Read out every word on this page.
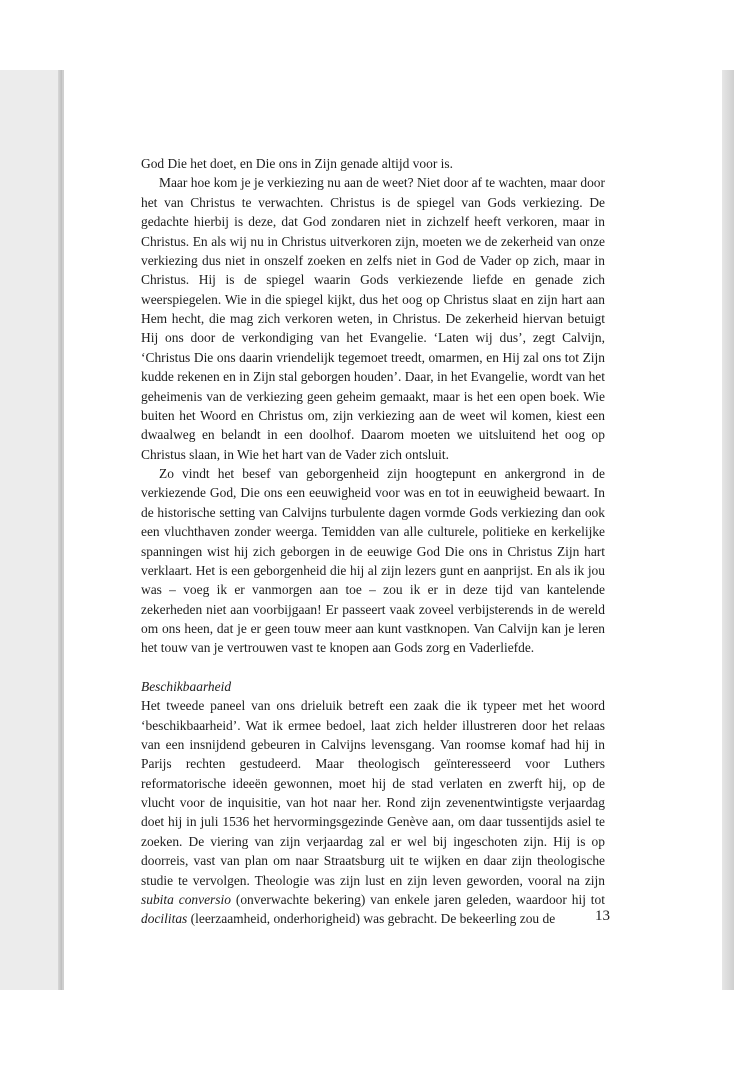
God Die het doet, en Die ons in Zijn genade altijd voor is.

Maar hoe kom je je verkiezing nu aan de weet? Niet door af te wachten, maar door het van Christus te verwachten. Christus is de spiegel van Gods verkiezing. De gedachte hierbij is deze, dat God zondaren niet in zichzelf heeft verkoren, maar in Christus. En als wij nu in Christus uitverkoren zijn, moeten we de zekerheid van onze verkiezing dus niet in onszelf zoeken en zelfs niet in God de Vader op zich, maar in Christus. Hij is de spiegel waarin Gods verkiezende liefde en genade zich weerspiegelen. Wie in die spiegel kijkt, dus het oog op Christus slaat en zijn hart aan Hem hecht, die mag zich verkoren weten, in Christus. De zekerheid hiervan betuigt Hij ons door de verkondiging van het Evangelie. ‘Laten wij dus’, zegt Calvijn, ‘Christus Die ons daarin vriendelijk tegemoet treedt, omarmen, en Hij zal ons tot Zijn kudde rekenen en in Zijn stal geborgen houden’. Daar, in het Evangelie, wordt van het geheimenis van de verkiezing geen geheim gemaakt, maar is het een open boek. Wie buiten het Woord en Christus om, zijn verkiezing aan de weet wil komen, kiest een dwaalweg en belandt in een doolhof. Daarom moeten we uitsluitend het oog op Christus slaan, in Wie het hart van de Vader zich ontsluit.

Zo vindt het besef van geborgenheid zijn hoogtepunt en ankergrond in de verkiezende God, Die ons een eeuwigheid voor was en tot in eeuwigheid bewaart. In de historische setting van Calvijns turbulente dagen vormde Gods verkiezing dan ook een vluchthaven zonder weerga. Temidden van alle culturele, politieke en kerkelijke spanningen wist hij zich geborgen in de eeuwige God Die ons in Christus Zijn hart verklaart. Het is een geborgenheid die hij al zijn lezers gunt en aanprijst. En als ik jou was – voeg ik er vanmorgen aan toe – zou ik er in deze tijd van kantelende zekerheden niet aan voorbijgaan! Er passeert vaak zoveel verbijsterends in de wereld om ons heen, dat je er geen touw meer aan kunt vastknopen. Van Calvijn kan je leren het touw van je vertrouwen vast te knopen aan Gods zorg en Vaderliefde.

Beschikbaarheid

Het tweede paneel van ons drieluik betreft een zaak die ik typeer met het woord ‘beschikbaarheid’. Wat ik ermee bedoel, laat zich helder illustreren door het relaas van een insnijdend gebeuren in Calvijns levensgang. Van roomse komaf had hij in Parijs rechten gestudeerd. Maar theologisch geïnteresseerd voor Luthers reformatorische ideeën gewonnen, moet hij de stad verlaten en zwerft hij, op de vlucht voor de inquisitie, van hot naar her. Rond zijn zevenentwintigste verjaardag doet hij in juli 1536 het hervormingsgezinde Genève aan, om daar tussentijds asiel te zoeken. De viering van zijn verjaardag zal er wel bij ingeschoten zijn. Hij is op doorreis, vast van plan om naar Straatsburg uit te wijken en daar zijn theologische studie te vervolgen. Theologie was zijn lust en zijn leven geworden, vooral na zijn subita conversio (onverwachte bekering) van enkele jaren geleden, waardoor hij tot docilitas (leerzaamheid, onderhorigheid) was gebracht. De bekeerling zou de	13
